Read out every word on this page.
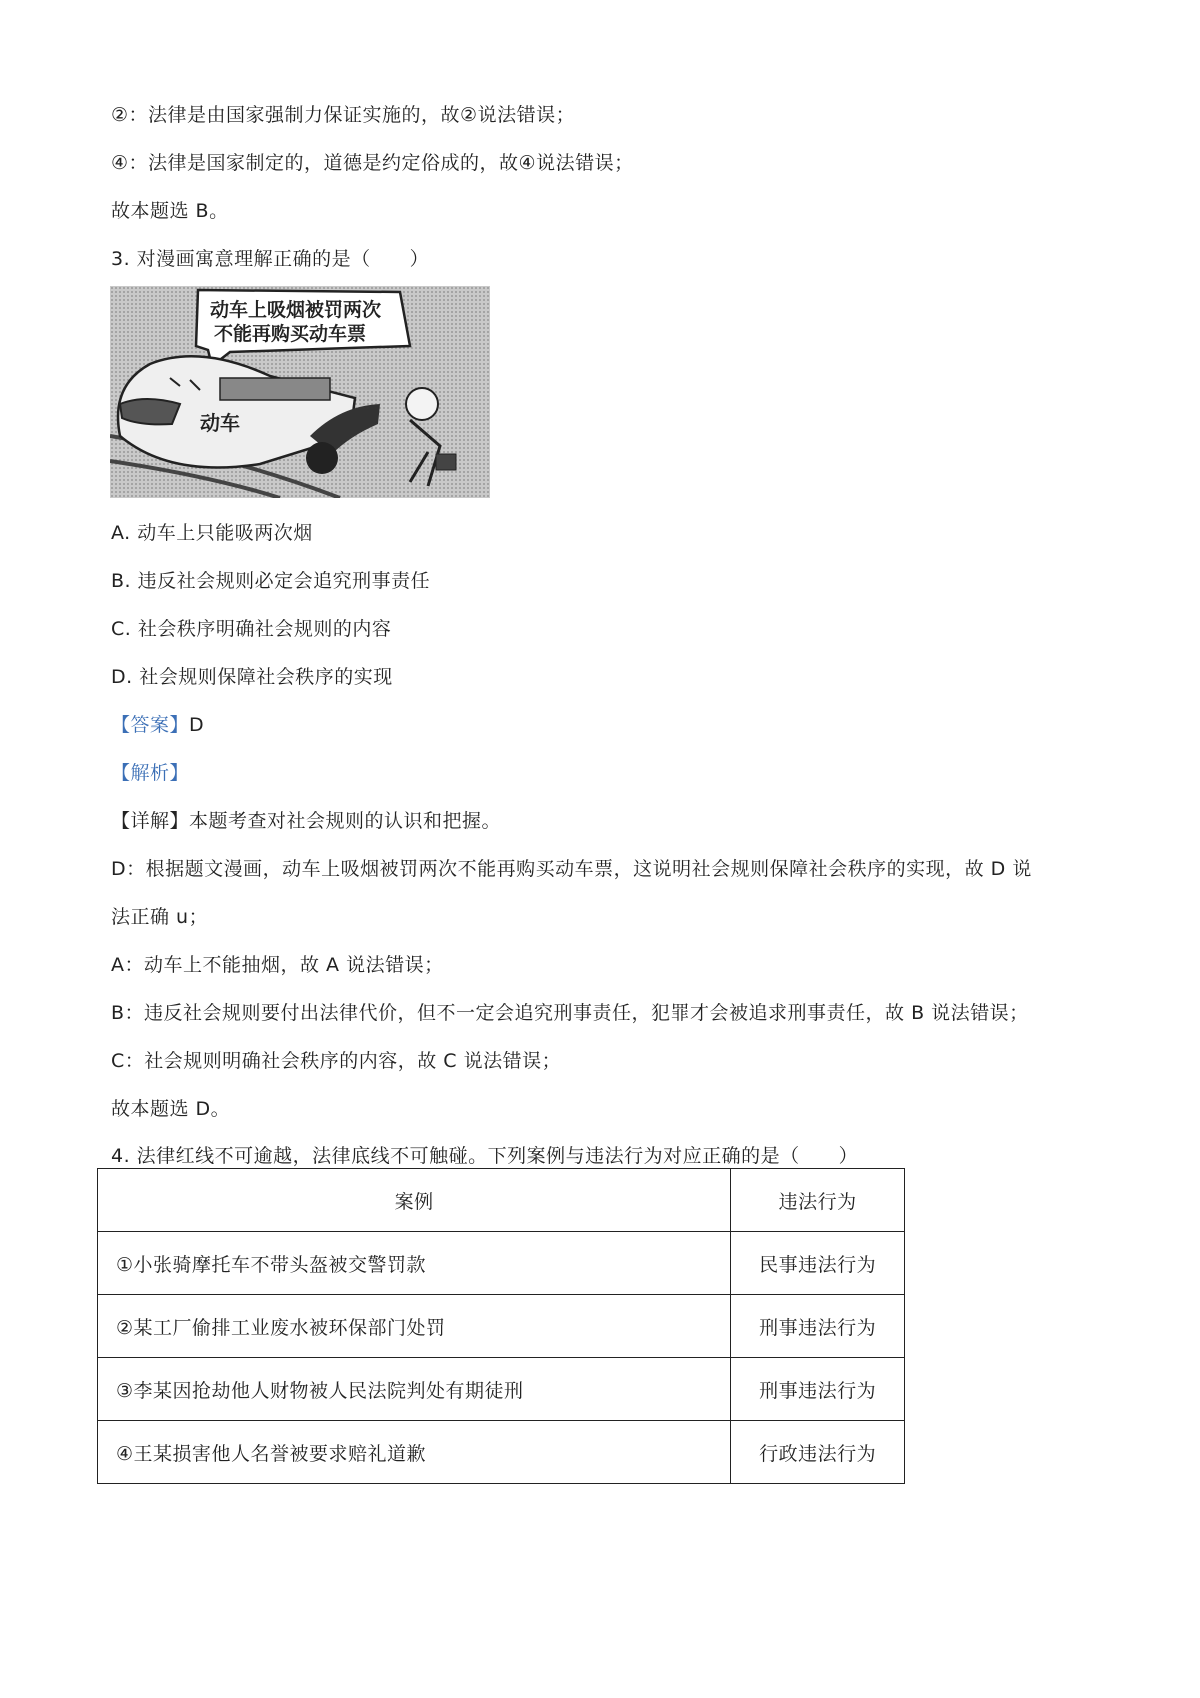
②：法律是由国家强制力保证实施的，故②说法错误；
④：法律是国家制定的，道德是约定俗成的，故④说法错误；
故本题选 B。
3. 对漫画寓意理解正确的是（　　）
动车上吸烟被罚两次
不能再购买动车票
动车
A. 动车上只能吸两次烟
B. 违反社会规则必定会追究刑事责任
C. 社会秩序明确社会规则的内容
D. 社会规则保障社会秩序的实现
【答案】D
【解析】
【详解】本题考查对社会规则的认识和把握。
D：根据题文漫画，动车上吸烟被罚两次不能再购买动车票，这说明社会规则保障社会秩序的实现，故 D 说
法正确 u；
A：动车上不能抽烟，故 A 说法错误；
B：违反社会规则要付出法律代价，但不一定会追究刑事责任，犯罪才会被追求刑事责任，故 B 说法错误；
C：社会规则明确社会秩序的内容，故 C 说法错误；
故本题选 D。
4. 法律红线不可逾越，法律底线不可触碰。下列案例与违法行为对应正确的是（　　）
案例	违法行为
①小张骑摩托车不带头盔被交警罚款	民事违法行为
②某工厂偷排工业废水被环保部门处罚	刑事违法行为
③李某因抢劫他人财物被人民法院判处有期徒刑	刑事违法行为
④王某损害他人名誉被要求赔礼道歉	行政违法行为
